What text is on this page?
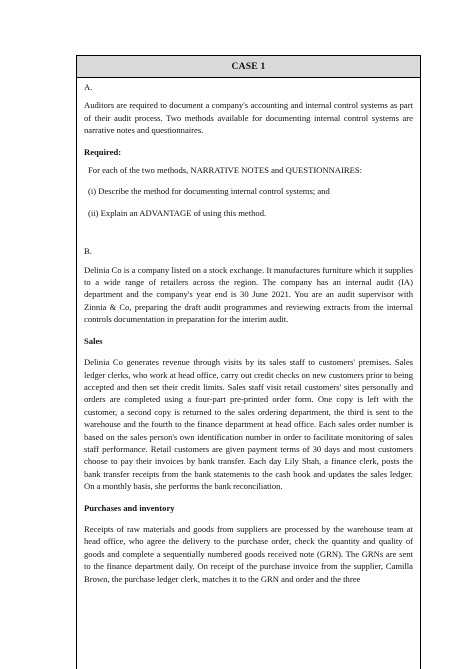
CASE 1

A.

Auditors are required to document a company's accounting and internal control systems as part of their audit process. Two methods available for documenting internal control systems are narrative notes and questionnaires.

Required:

For each of the two methods, NARRATIVE NOTES and QUESTIONNAIRES:

(i) Describe the method for documenting internal control systems; and

(ii) Explain an ADVANTAGE of using this method.

B.

Delinia Co is a company listed on a stock exchange. It manufactures furniture which it supplies to a wide range of retailers across the region. The company has an internal audit (IA) department and the company's year end is 30 June 2021. You are an audit supervisor with Zinnia & Co, preparing the draft audit programmes and reviewing extracts from the internal controls documentation in preparation for the interim audit.

Sales

Delinia Co generates revenue through visits by its sales staff to customers' premises. Sales ledger clerks, who work at head office, carry out credit checks on new customers prior to being accepted and then set their credit limits. Sales staff visit retail customers' sites personally and orders are completed using a four-part pre-printed order form. One copy is left with the customer, a second copy is returned to the sales ordering department, the third is sent to the warehouse and the fourth to the finance department at head office. Each sales order number is based on the sales person's own identification number in order to facilitate monitoring of sales staff performance. Retail customers are given payment terms of 30 days and most customers choose to pay their invoices by bank transfer. Each day Lily Shah, a finance clerk, posts the bank transfer receipts from the bank statements to the cash book and updates the sales ledger. On a monthly basis, she performs the bank reconciliation.

Purchases and inventory

Receipts of raw materials and goods from suppliers are processed by the warehouse team at head office, who agree the delivery to the purchase order, check the quantity and quality of goods and complete a sequentially numbered goods received note (GRN). The GRNs are sent to the finance department daily. On receipt of the purchase invoice from the supplier, Camilla Brown, the purchase ledger clerk, matches it to the GRN and order and the three
